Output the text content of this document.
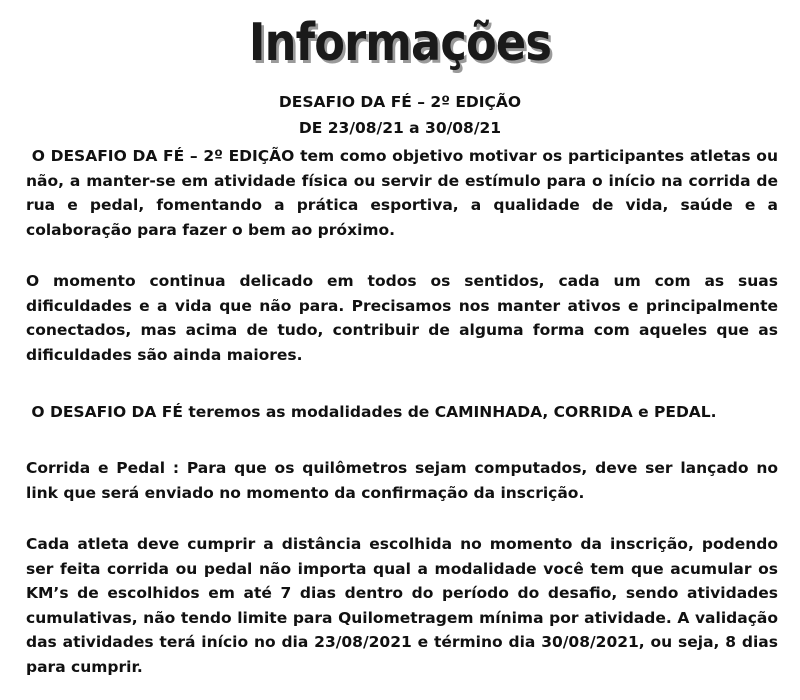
Informações
DESAFIO DA FÉ – 2º EDIÇÃO
DE 23/08/21 a 30/08/21

O DESAFIO DA FÉ – 2º EDIÇÃO tem como objetivo motivar os participantes atletas ou não, a manter-se em atividade física ou servir de estímulo para o início na corrida de rua e pedal, fomentando a prática esportiva, a qualidade de vida, saúde e a colaboração para fazer o bem ao próximo.

O momento continua delicado em todos os sentidos, cada um com as suas dificuldades e a vida que não para. Precisamos nos manter ativos e principalmente conectados, mas acima de tudo, contribuir de alguma forma com aqueles que as dificuldades são ainda maiores.

O DESAFIO DA FÉ teremos as modalidades de CAMINHADA, CORRIDA e PEDAL.

Corrida e Pedal : Para que os quilômetros sejam computados, deve ser lançado no link que será enviado no momento da confirmação da inscrição.

Cada atleta deve cumprir a distância escolhida no momento da inscrição, podendo ser feita corrida ou pedal não importa qual a modalidade você tem que acumular os KM’s de escolhidos em até 7 dias dentro do período do desafio, sendo atividades cumulativas, não tendo limite para Quilometragem mínima por atividade. A validação das atividades terá início no dia 23/08/2021 e término dia 30/08/2021, ou seja, 8 dias para cumprir.
